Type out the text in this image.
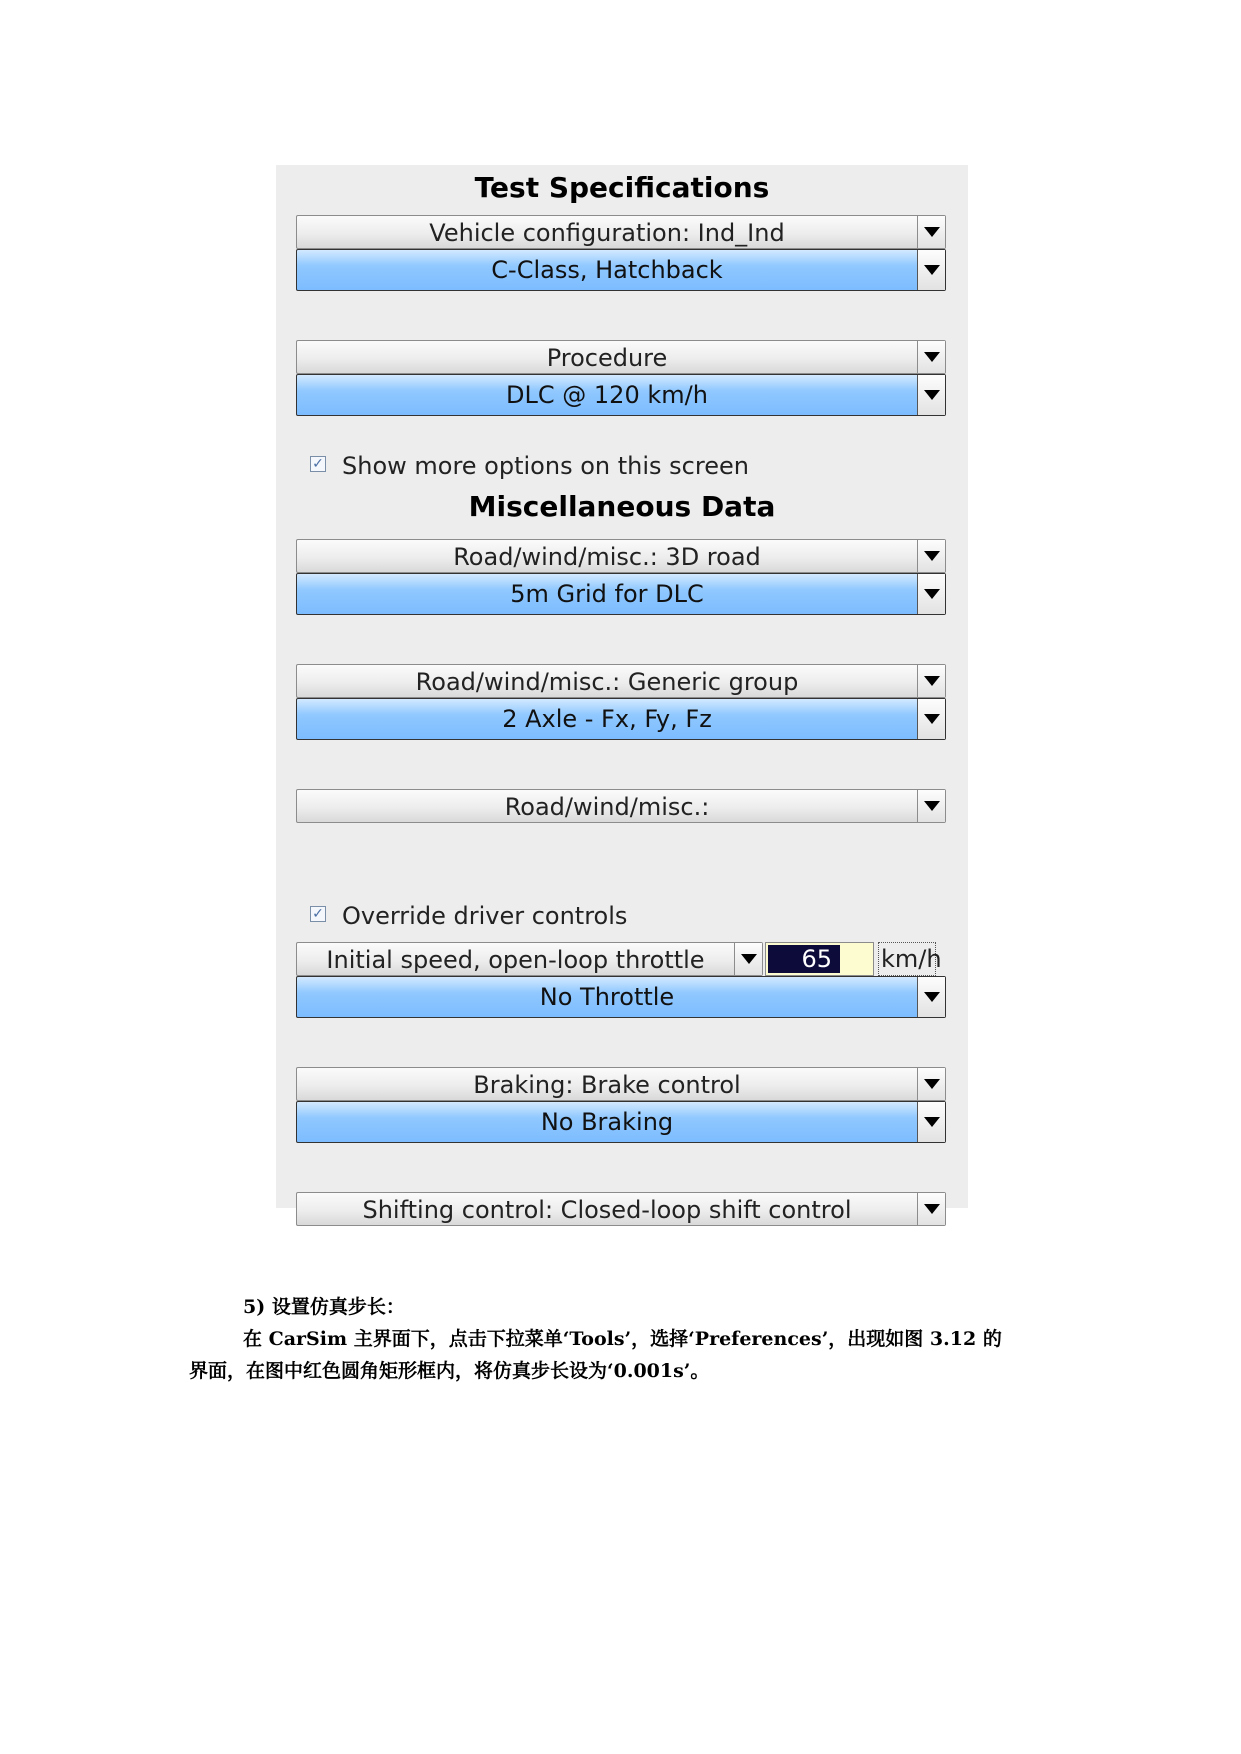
Test Specifications
Vehicle configuration: Ind_Ind
C-Class, Hatchback
Procedure
DLC @ 120 km/h
✓ Show more options on this screen
Miscellaneous Data
Road/wind/misc.: 3D road
5m Grid for DLC
Road/wind/misc.: Generic group
2 Axle - Fx, Fy, Fz
Road/wind/misc.:
✓ Override driver controls
Initial speed, open-loop throttle	65	km/h
No Throttle
Braking: Brake control
No Braking
Shifting control: Closed-loop shift control
5) 设置仿真步长：
在 CarSim 主界面下，点击下拉菜单‘Tools’，选择‘Preferences’，出现如图 3.12 的
界面，在图中红色圆角矩形框内，将仿真步长设为‘0.001s’。
